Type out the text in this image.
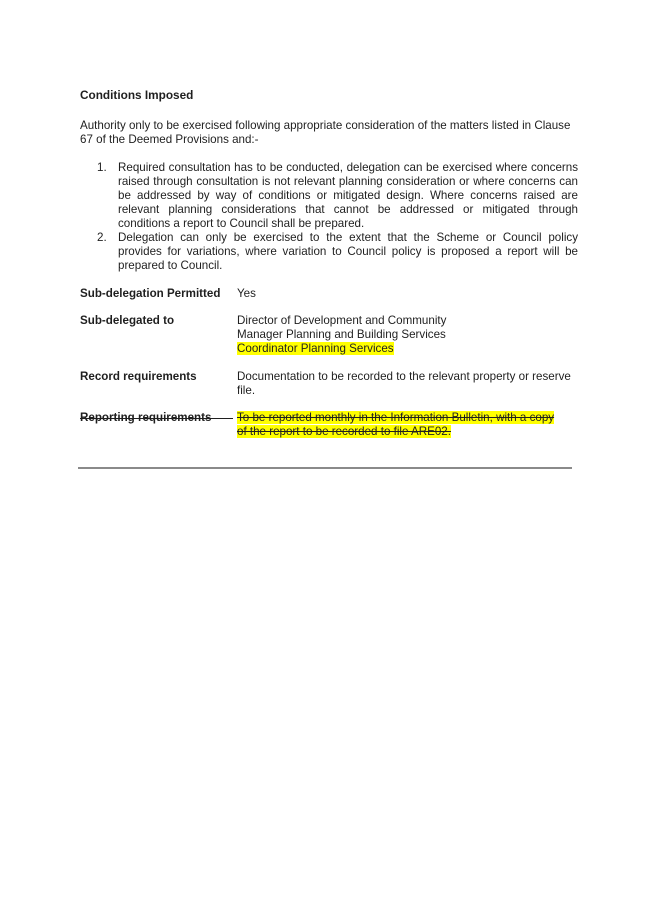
Conditions Imposed

Authority only to be exercised following appropriate consideration of the matters listed in Clause 67 of the Deemed Provisions and:-

1. Required consultation has to be conducted, delegation can be exercised where concerns raised through consultation is not relevant planning consideration or where concerns can be addressed by way of conditions or mitigated design. Where concerns raised are relevant planning considerations that cannot be addressed or mitigated through conditions a report to Council shall be prepared.
2. Delegation can only be exercised to the extent that the Scheme or Council policy provides for variations, where variation to Council policy is proposed a report will be prepared to Council.
Sub-delegation Permitted	Yes
Sub-delegated to	Director of Development and Community
Manager Planning and Building Services
Coordinator Planning Services
Record requirements	Documentation to be recorded to the relevant property or reserve
file.
Reporting requirements	To be reported monthly in the Information Bulletin, with a copy
of the report to be recorded to file ARE02.
